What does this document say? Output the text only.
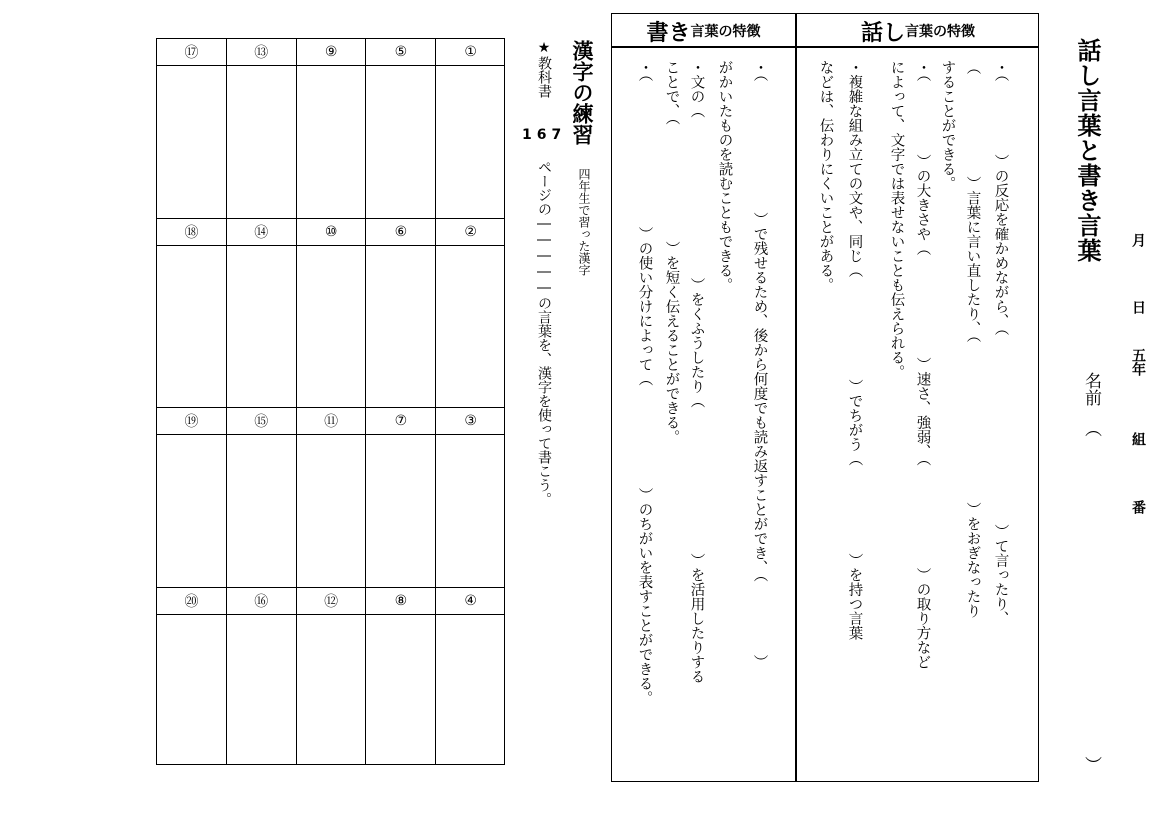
話し言葉と書き言葉 月
日
五年
組
番
名前
（
）
話し 言葉の特徴
書き 言葉の特徴
・（　　　　　）の反応を確かめながら、（　　　　　　　　　　　　　）て言ったり、
（　　　　　　　）言葉に言い直したり、（　　　　　　　　　　　）をおぎなったり
することができる。
・（　　　　　）の大きさや（　　　　　　　）速さ、強弱、（　　　　　　　）の取り方など
によって、文字では表せないことも伝えられる。
・複雑な組み立ての文や、同じ（　　　　　　　）でちがう（　　　　　　）を持つ言葉
などは、伝わりにくいことがある。
・（　　　　　　　　　）で残せるため、後から何度でも読み返すことができ、（　　　　　）
がかいたものを読むこともできる。
・文の（　　　　　　　　　　　）をくふうしたり（　　　　　　　　　　）を活用したりする
ことで、（　　　　　　　　）を短く伝えることができる。
・（　　　　　　　　　　）の使い分けによって（　　　　　　　）のちがいを表すことができる。
漢字の練習
四年生で習った漢字
★教科書
167
ページの―――――の言葉を、漢字を使って書こう。
⑰	⑬	⑨	⑤	①
⑱	⑭	⑩	⑥	②
⑲	⑮	⑪	⑦	③
⑳	⑯	⑫	⑧	④
